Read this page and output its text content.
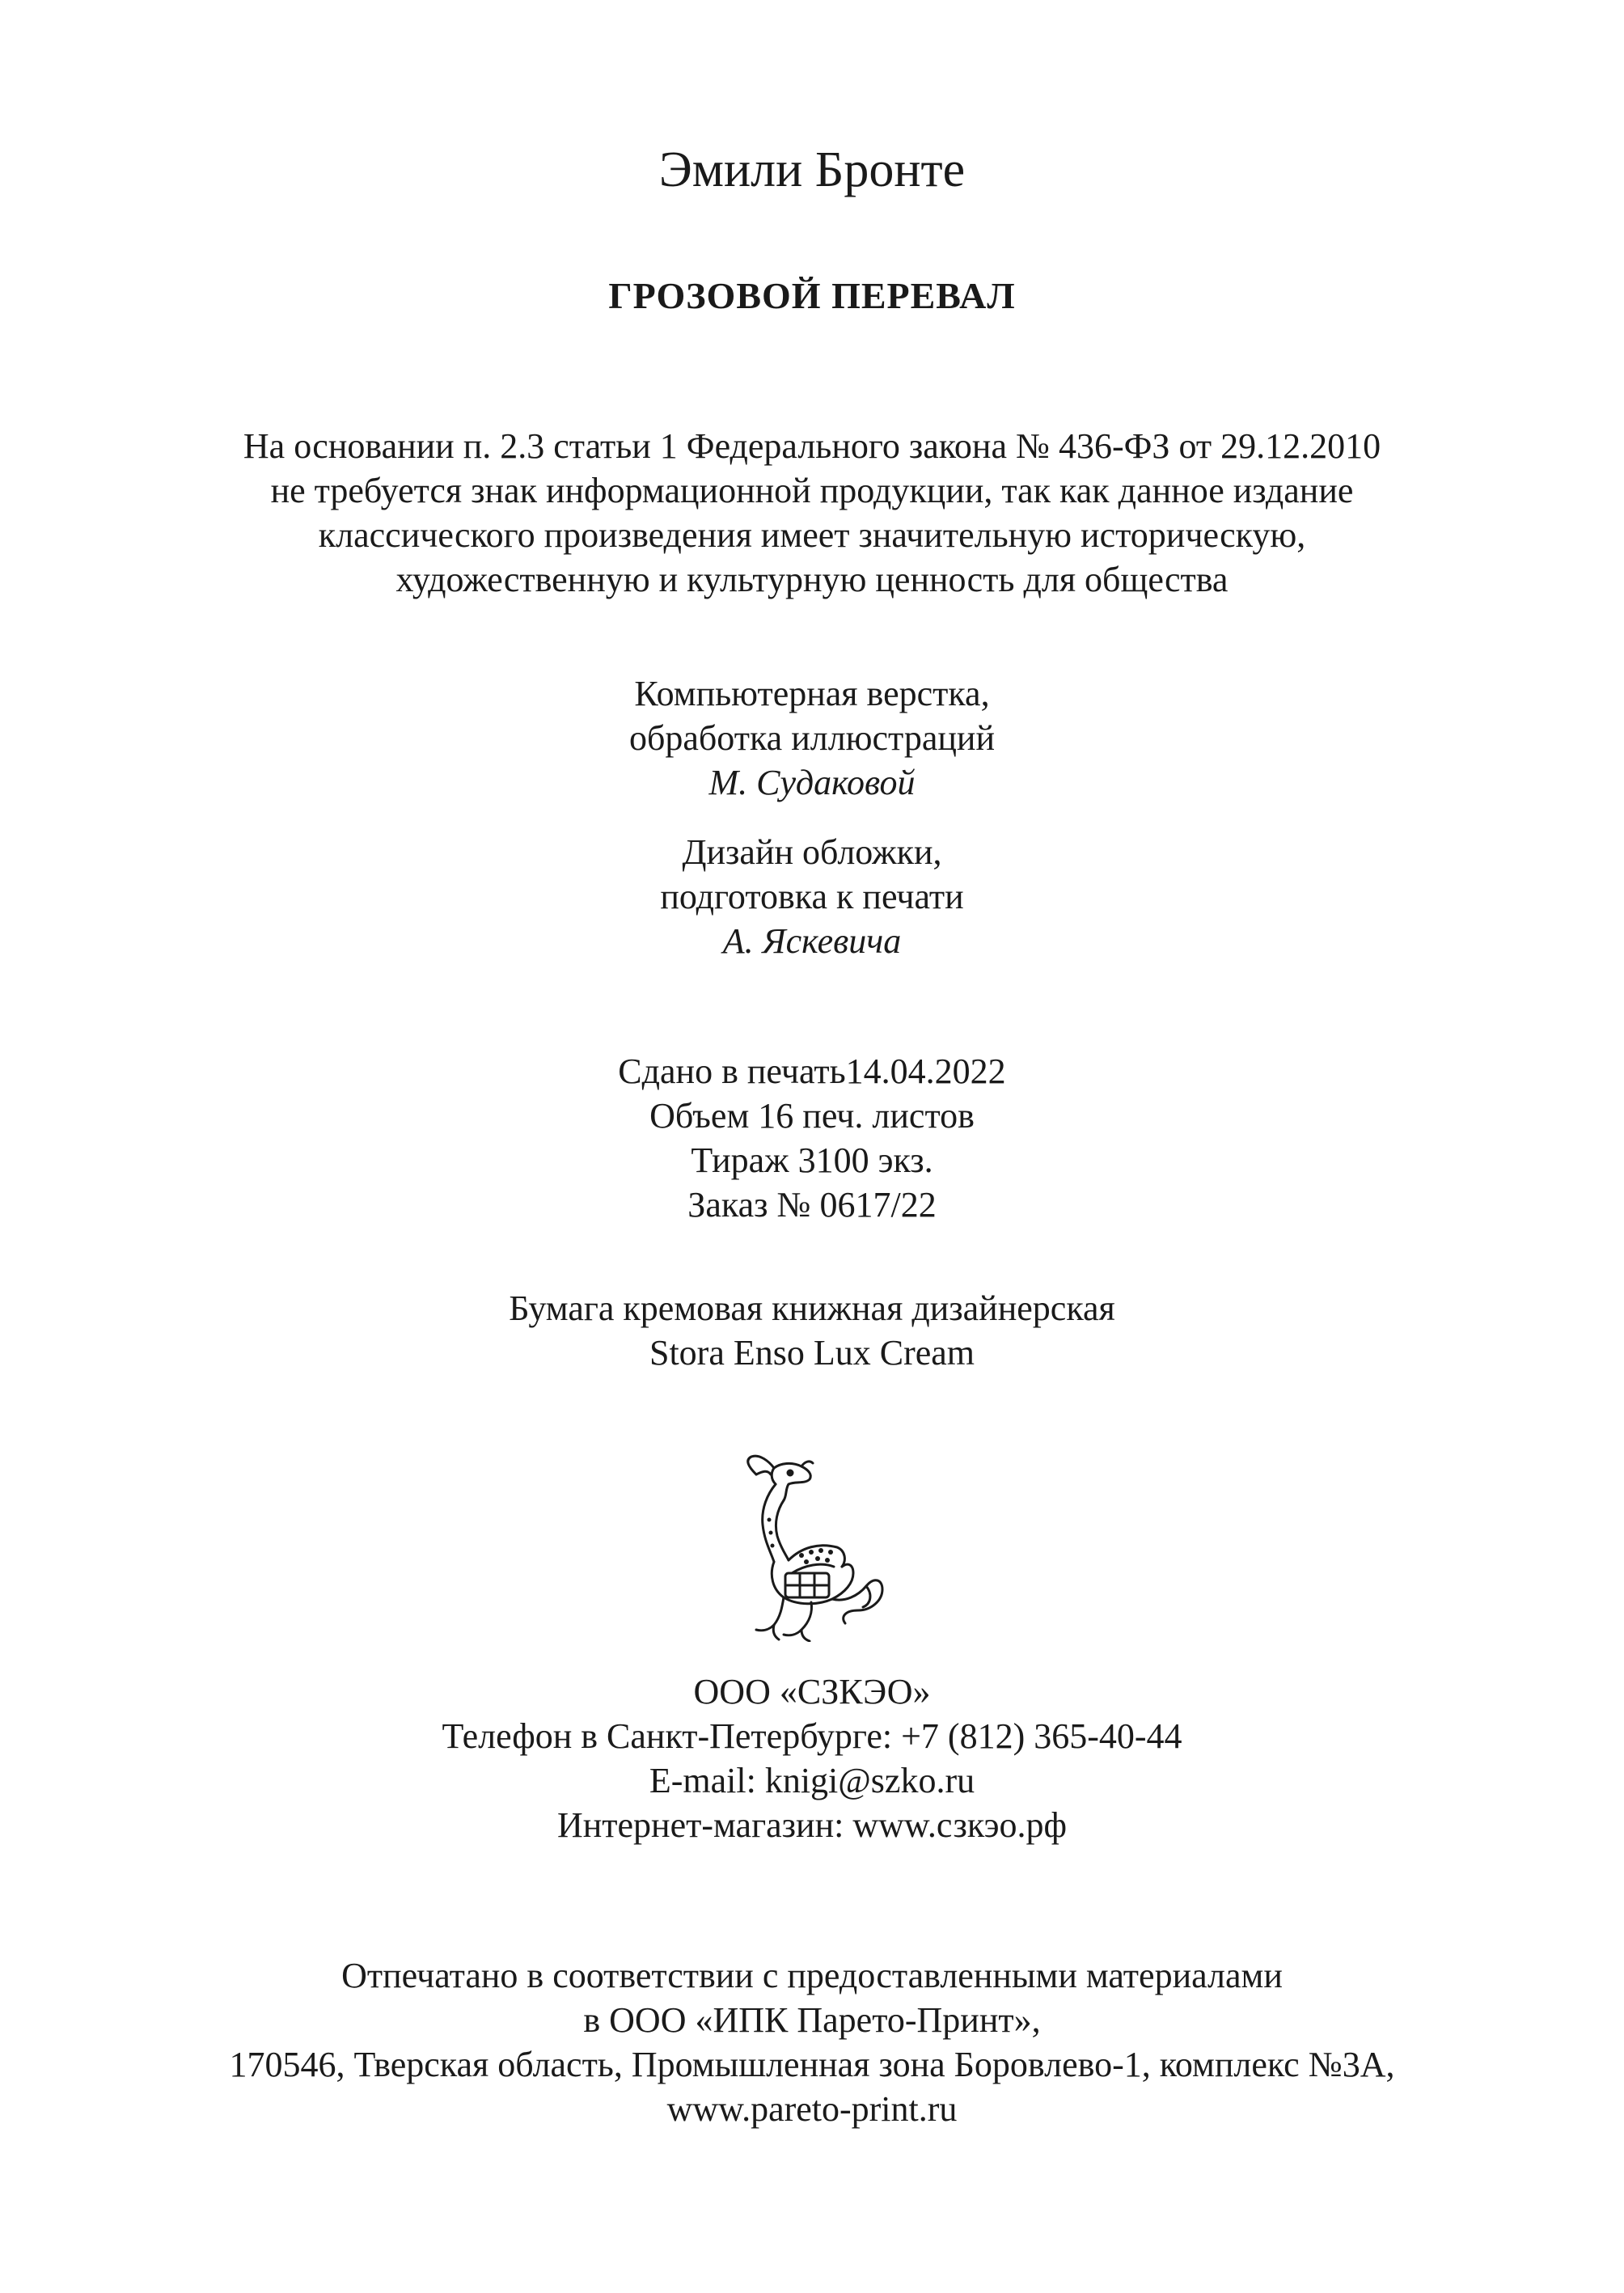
Эмили Бронте
ГРОЗОВОЙ ПЕРЕВАЛ
На основании п. 2.3 статьи 1 Федерального закона № 436-ФЗ от 29.12.2010
не требуется знак информационной продукции, так как данное издание
классического произведения имеет значительную историческую,
художественную и культурную ценность для общества
Компьютерная верстка,
обработка иллюстраций
М. Судаковой
Дизайн обложки,
подготовка к печати
А. Яскевича
Сдано в печать14.04.2022
Объем 16 печ. листов
Тираж 3100 экз.
Заказ № 0617/22
Бумага кремовая книжная дизайнерская
Stora Enso Lux Cream
ООО «СЗКЭО»
Телефон в Санкт-Петербурге: +7 (812) 365-40-44
E-mail: knigi@szko.ru
Интернет-магазин: www.сзкэо.рф
Отпечатано в соответствии с предоставленными материалами
в ООО «ИПК Парето-Принт»,
170546, Тверская область, Промышленная зона Боровлево-1, комплекс №3А,
www.pareto-print.ru
